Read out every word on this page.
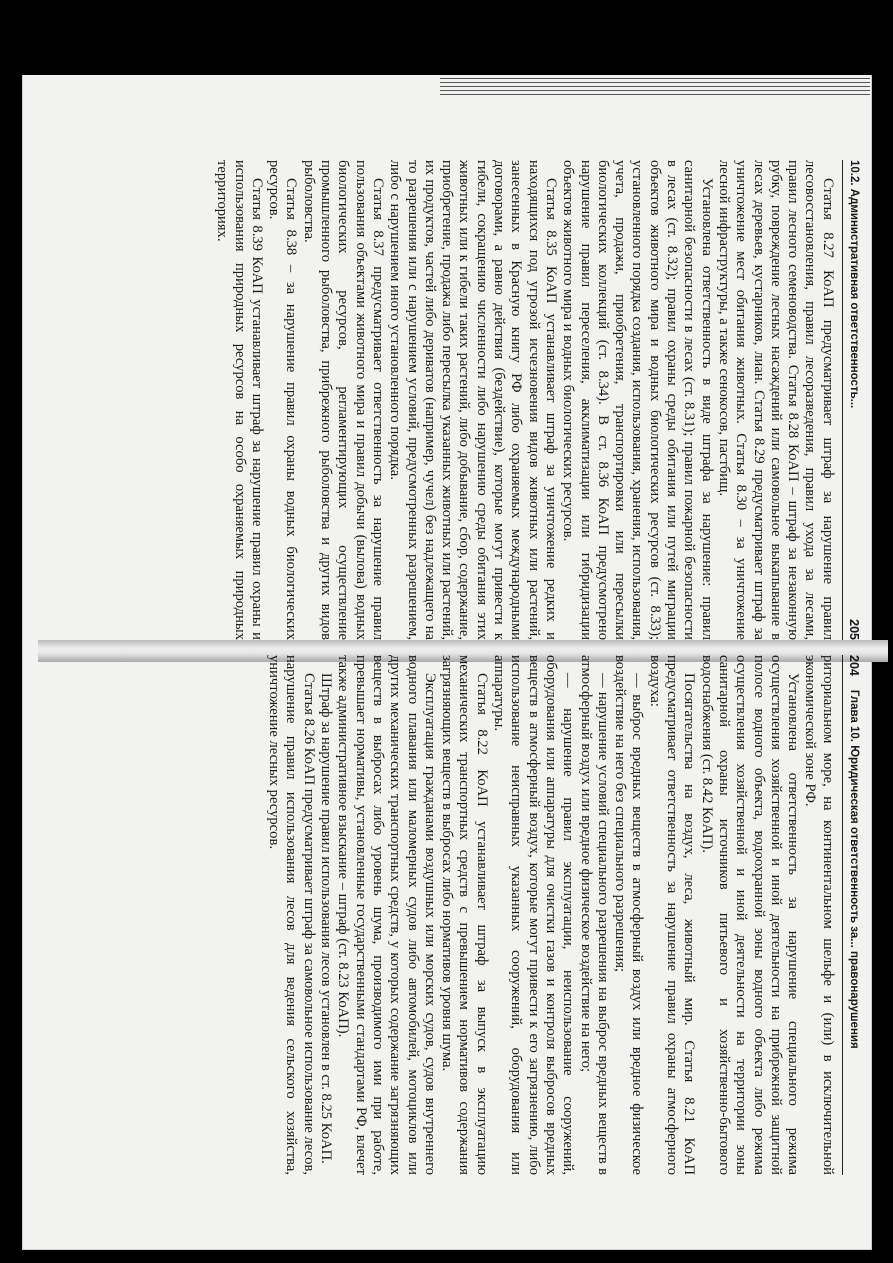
10.2. Административная ответственность...
205

Статья 8.27 КоАП предусматривает штраф за нарушение правил лесовосстановления, правил лесоразведения, правил ухода за лесами, правил лесного семеноводства. Статья 8.28 КоАП – штраф за незаконную рубку, повреждение лесных насаждений или самовольное выкапывание в лесах деревьев, кустарников, лиан. Статья 8.29 предусматривает штраф за уничтожение мест обитания животных. Статья 8.30 – за уничтожение лесной инфраструктуры, а также сенокосов, пастбищ.

Установлена ответственность в виде штрафа за нарушение: правил санитарной безопасности в лесах (ст. 8.31); правил пожарной безопасности в лесах (ст. 8.32); правил охраны среды обитания или путей миграции объектов животного мира и водных биологических ресурсов (ст. 8.33); установленного порядка создания, использования, хранения, использования, учета, продажи, приобретения, транспортировки или пересылки биологических коллекций (ст. 8.34). В ст. 8.36 КоАП предусмотрено нарушение правил переселения, акклиматизации или гибридизации объектов животного мира и водных биологических ресурсов.

Статья 8.35 КоАП устанавливает штраф за уничтожение редких и находящихся под угрозой исчезновения видов животных или растений, занесенных в Красную книгу РФ либо охраняемых международными договорами, а равно действия (бездействие), которые могут привести к гибели, сокращению численности либо нарушению среды обитания этих животных или к гибели таких растений, либо добывание, сбор, содержание, приобретение, продажа либо пересылка указанных животных или растений, их продуктов, частей либо дериватов (например, чучел) без надлежащего на то разрешения или с нарушением условий, предусмотренных разрешением, либо с нарушением иного установленного порядка.

Статья 8.37 предусматривает ответственность за нарушение правил пользования объектами животного мира и правил добычи (вылова) водных биологических ресурсов, регламентирующих осуществление промышленного рыболовства, прибрежного рыболовства и других видов рыболовства.

Статья 8.38 – за нарушение правил охраны водных биологических ресурсов.

Статья 8.39 КоАП устанавливает штраф за нарушение правил охраны и использования природных ресурсов на особо охраняемых природных территориях.

204
Глава 10. Юридическая ответственность за... правонарушения

риториальном море, на континентальном шельфе и (или) в исключительной экономической зоне РФ.

Установлена ответственность за нарушение специального режима осуществления хозяйственной и иной деятельности на прибрежной защитной полосе водного объекта, водоохранной зоны водного объекта либо режима осуществления хозяйственной и иной деятельности на территории зоны санитарной охраны источников питьевого и хозяйственно-бытового водоснабжения (ст. 8.42 КоАП).

Посягательства на воздух, леса, животный мир. Статья 8.21 КоАП предусматривает ответственность за нарушение правил охраны атмосферного воздуха:

— выброс вредных веществ в атмосферный воздух или вредное физическое воздействие на него без специального разрешения;

— нарушение условий специального разрешения на выброс вредных веществ в атмосферный воздух или вредное физическое воздействие на него;

— нарушение правил эксплуатации, неиспользование сооружений, оборудования или аппаратуры для очистки газов и контроля выбросов вредных веществ в атмосферный воздух, которые могут привести к его загрязнению, либо использование неисправных указанных сооружений, оборудования или аппаратуры.

Статья 8.22 КоАП устанавливает штраф за выпуск в эксплуатацию механических транспортных средств с превышением нормативов содержания загрязняющих веществ в выбросах либо нормативов уровня шума.

Эксплуатация гражданами воздушных или морских судов, судов внутреннего водного плавания или маломерных судов либо автомобилей, мотоциклов или других механических транспортных средств, у которых содержание загрязняющих веществ в выбросах либо уровень шума, производимого ими при работе, превышает нормативы, установленные государственными стандартами РФ, влечет также административное взыскание – штраф (ст. 8.23 КоАП).

Штраф за нарушение правил использования лесов установлен в ст. 8.25 КоАП.

Статья 8.26 КоАП предусматривает штраф за самовольное использование лесов, нарушение правил использования лесов для ведения сельского хозяйства, уничтожение лесных ресурсов.
